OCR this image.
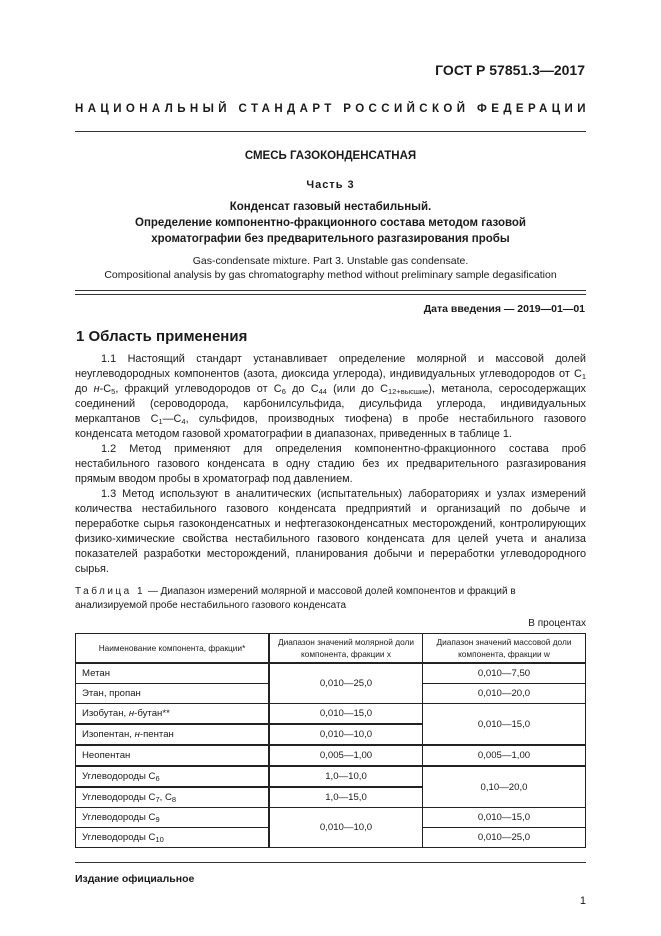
ГОСТ Р 57851.3—2017
НАЦИОНАЛЬНЫЙ СТАНДАРТ РОССИЙСКОЙ ФЕДЕРАЦИИ
СМЕСЬ ГАЗОКОНДЕНСАТНАЯ
Часть 3
Конденсат газовый нестабильный.
Определение компонентно-фракционного состава методом газовой
хроматографии без предварительного разгазирования пробы
Gas-condensate mixture. Part 3. Unstable gas condensate.
Compositional analysis by gas chromatography method without preliminary sample degasification
Дата введения — 2019—01—01
1 Область применения

1.1 Настоящий стандарт устанавливает определение молярной и массовой долей неуглеводородных компонентов (азота, диоксида углерода), индивидуальных углеводородов от $С_1$ до $н-С_5$, фракций углеводородов от $С_6$ до $С_{44}$ (или до $С_{12+высшие}$), метанола, серосодержащих соединений (сероводорода, карбонилсульфида, дисульфида углерода, индивидуальных меркаптанов $С_1—С_4$, сульфидов, производных тиофена) в пробе нестабильного газового конденсата методом газовой хроматографии в диапазонах, приведенных в таблице 1.

1.2 Метод применяют для определения компонентно-фракционного состава проб нестабильного газового конденсата в одну стадию без их предварительного разгазирования прямым вводом пробы в хроматограф под давлением.

1.3 Метод используют в аналитических (испытательных) лабораториях и узлах измерений количества нестабильного газового конденсата предприятий и организаций по добыче и переработке сырья газоконденсатных и нефтегазоконденсатных месторождений, контролирующих физико-химические свойства нестабильного газового конденсата для целей учета и анализа показателей разработки месторождений, планирования добычи и переработки углеводородного сырья.

Таблица 1 — Диапазон измерений молярной и массовой долей компонентов и фракций в анализируемой пробе нестабильного газового конденсата
В процентах
Наименование компонента, фракции*	Диапазон значений молярной доли компонента, фракции x	Диапазон значений массовой доли компонента, фракции w
Метан	0,010—25,0	0,010—7,50
Этан, пропан		0,010—20,0
Изобутан, н-бутан**	0,010—15,0	0,010—15,0
Изопентан, н-пентан	0,010—10,0	
Неопентан	0,005—1,00	0,005—1,00
Углеводороды $С_6$	1,0—10,0	0,10—20,0
Углеводороды $С_7$, $С_8$	1,0—15,0	
Углеводороды $С_9$	0,010—10,0	0,010—15,0
Углеводороды $С_{10}$		0,010—25,0
Издание официальное
1
